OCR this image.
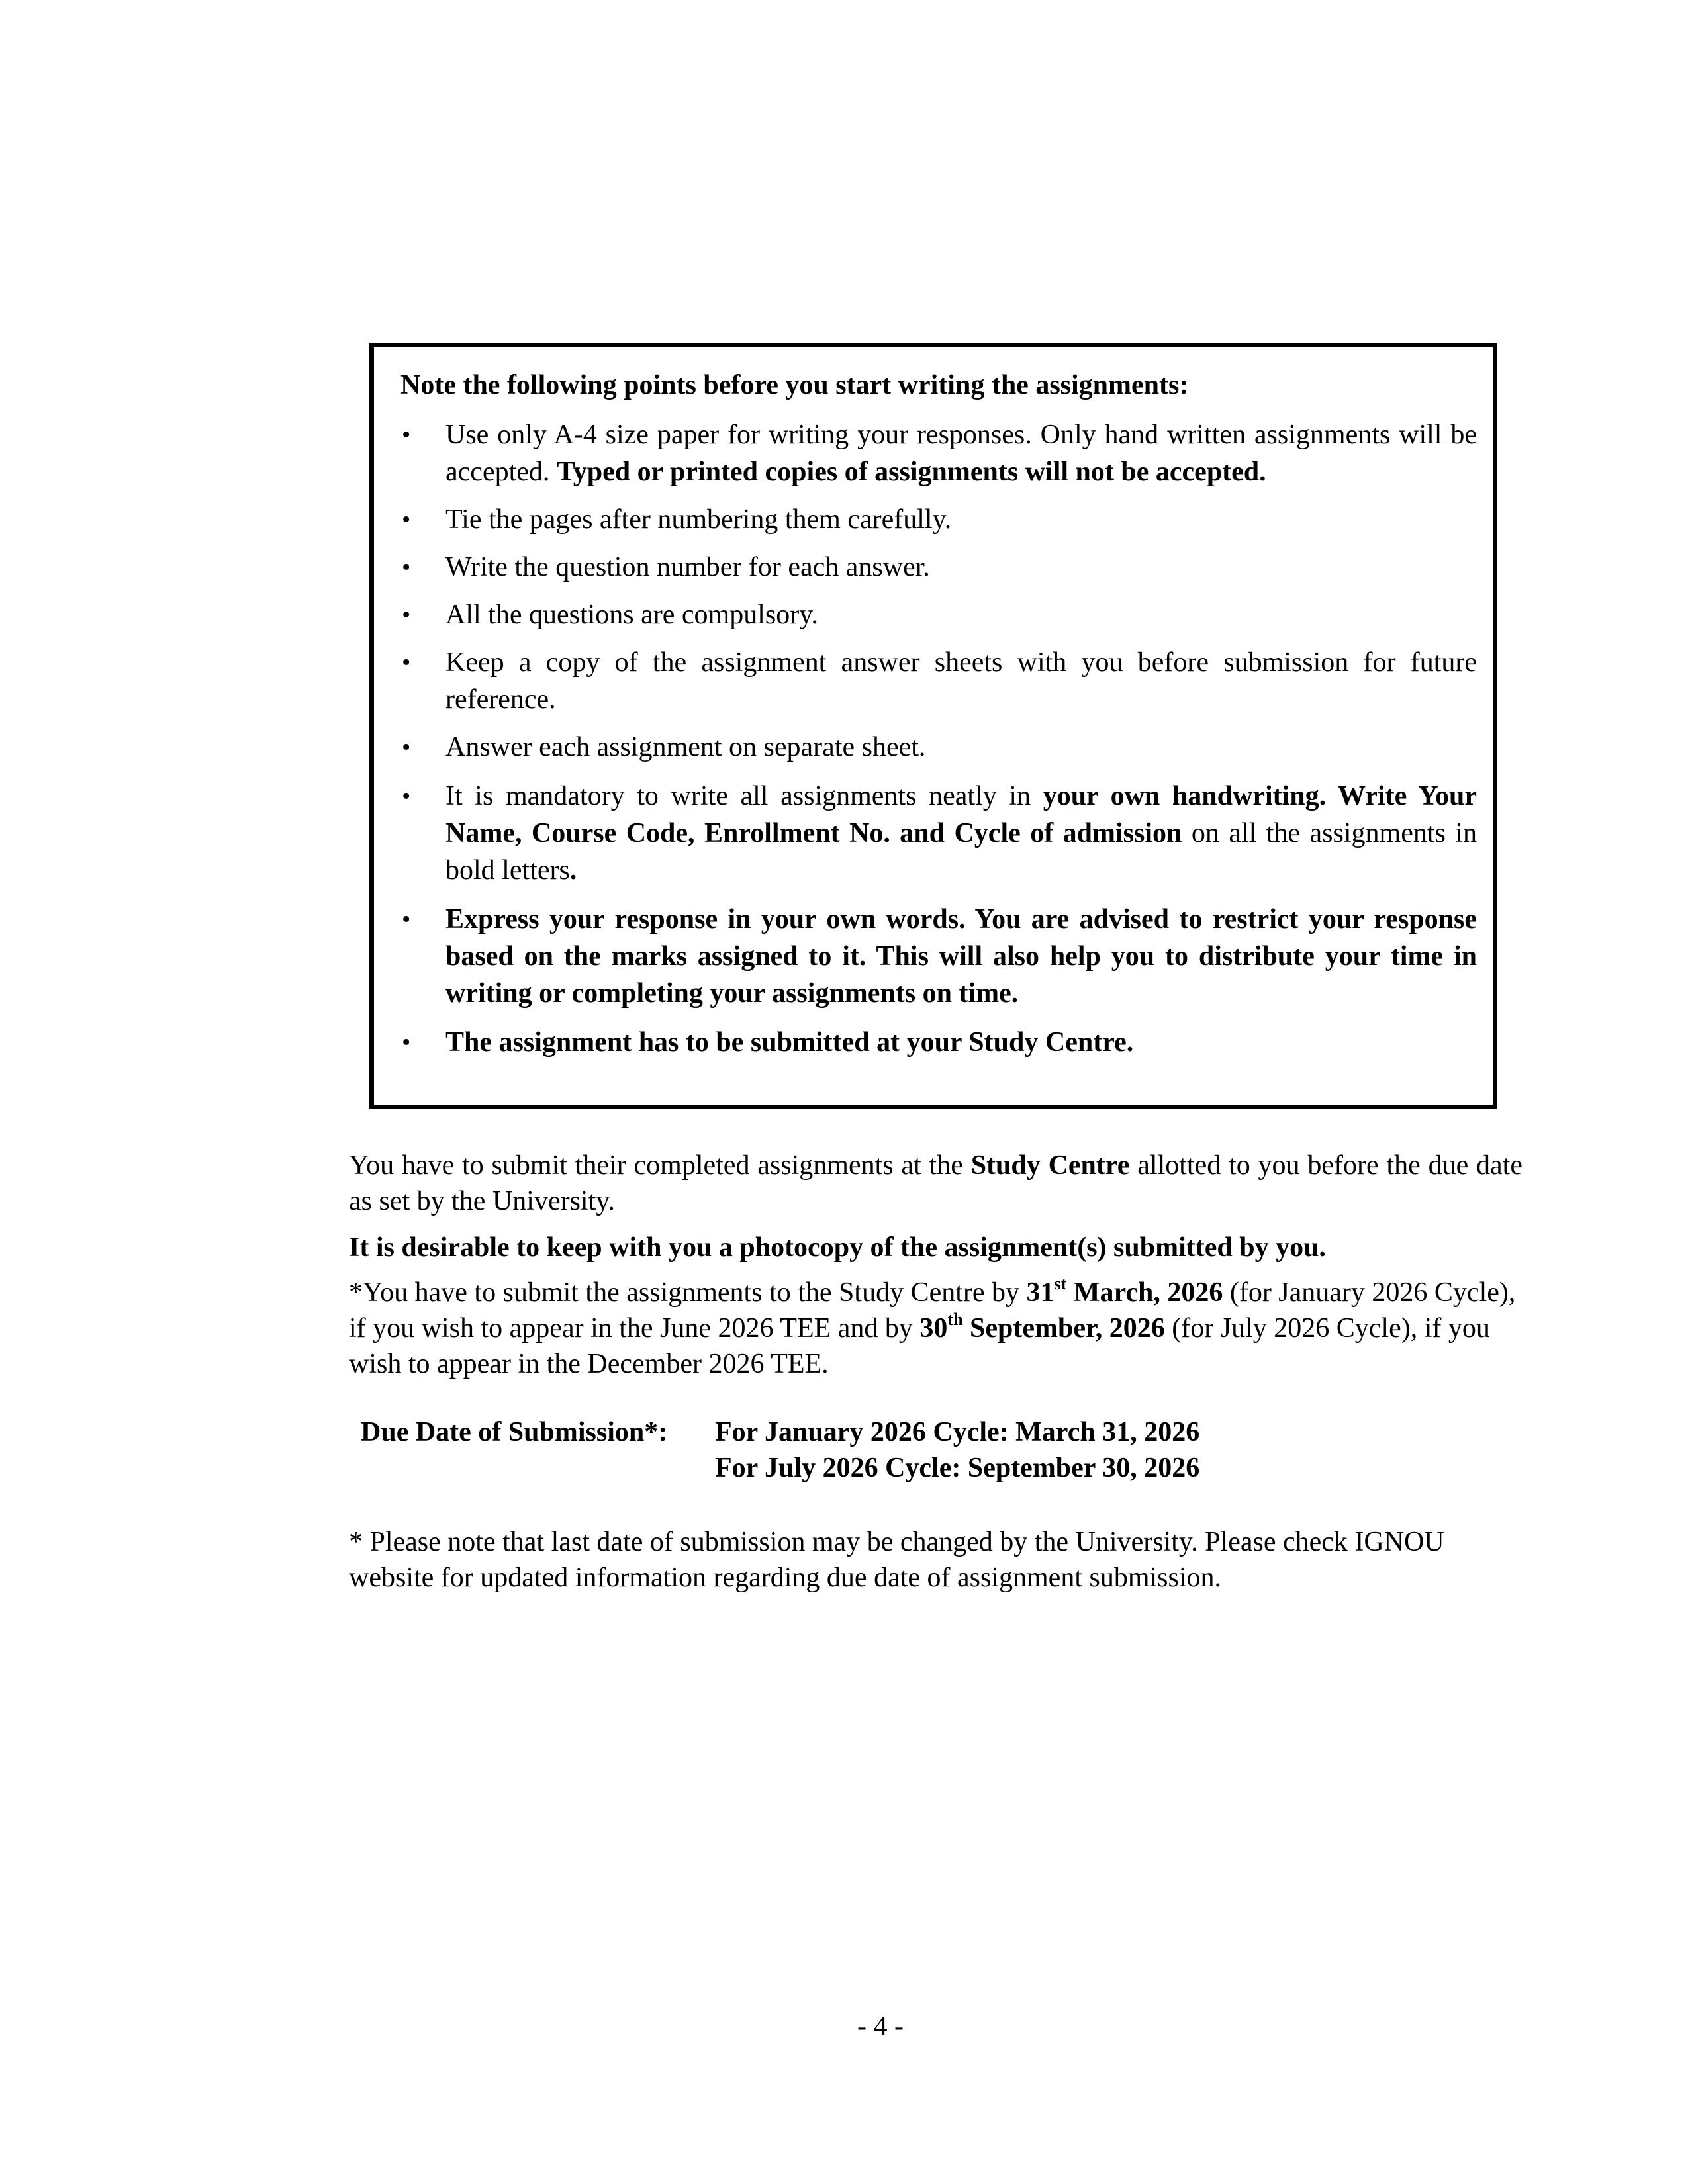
Note the following points before you start writing the assignments:
• Use only A-4 size paper for writing your responses. Only hand written assignments will be accepted. Typed or printed copies of assignments will not be accepted.
• Tie the pages after numbering them carefully.
• Write the question number for each answer.
• All the questions are compulsory.
• Keep a copy of the assignment answer sheets with you before submission for future reference.
• Answer each assignment on separate sheet.
• It is mandatory to write all assignments neatly in your own handwriting. Write Your Name, Course Code, Enrollment No. and Cycle of admission on all the assignments in bold letters.
• Express your response in your own words. You are advised to restrict your response based on the marks assigned to it. This will also help you to distribute your time in writing or completing your assignments on time.
• The assignment has to be submitted at your Study Centre.
You have to submit their completed assignments at the Study Centre allotted to you before the due date as set by the University.
It is desirable to keep with you a photocopy of the assignment(s) submitted by you.
*You have to submit the assignments to the Study Centre by 31st March, 2026 (for January 2026 Cycle), if you wish to appear in the June 2026 TEE and by 30th September, 2026 (for July 2026 Cycle), if you wish to appear in the December 2026 TEE.
Due Date of Submission*: For January 2026 Cycle: March 31, 2026
For July 2026 Cycle: September 30, 2026
* Please note that last date of submission may be changed by the University. Please check IGNOU website for updated information regarding due date of assignment submission.
- 4 -
